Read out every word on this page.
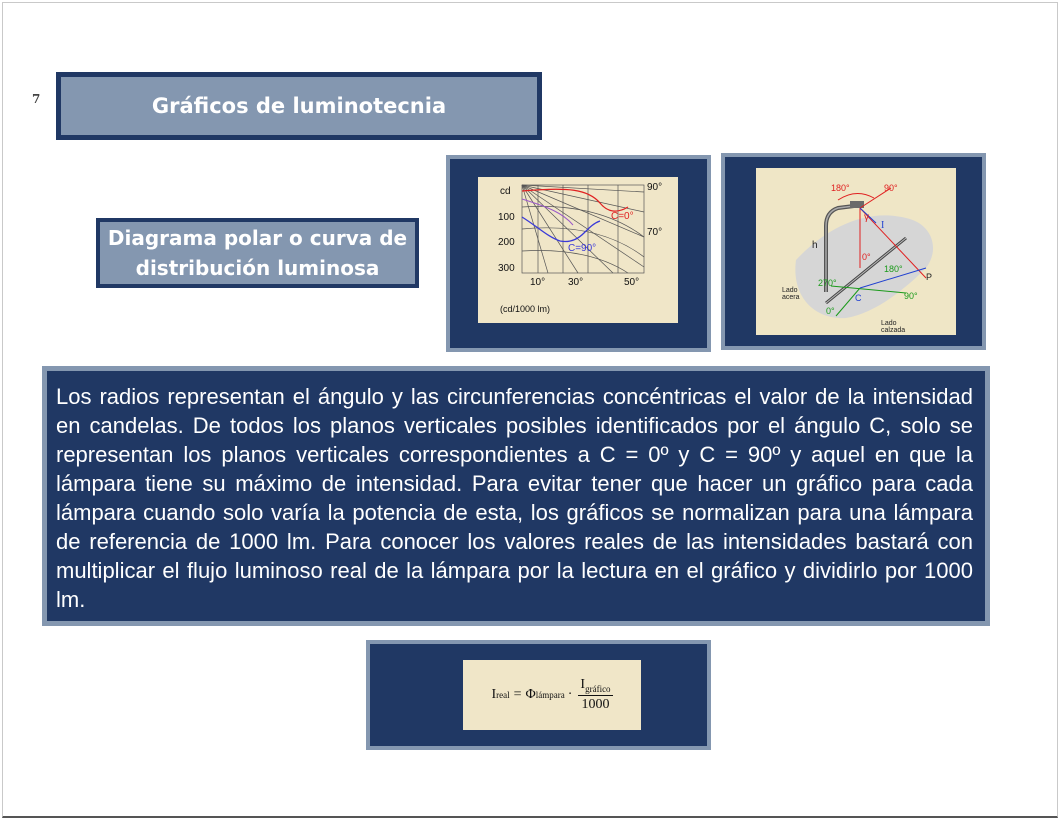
7	Gráficos de luminotecnia
Diagrama polar o curva de
distribución luminosa
cd
100
200
300
90°
70°
10° 30°	50°
C=0°
C=90°
(cd/1000 lm)
180°	90°
γ
I
h
0°
180°
P
270°
90°
C
0°
Lado
acera
Lado
calzada

Los radios representan el ángulo y las circunferencias concéntricas el valor de la intensidad en candelas. De todos los planos verticales posibles identificados por el ángulo C, solo se representan los planos verticales correspondientes a C = 0º y C = 90º y aquel en que la lámpara tiene su máximo de intensidad. Para evitar tener que hacer un gráfico para cada lámpara cuando solo varía la potencia de esta, los gráficos se normalizan para una lámpara de referencia de 1000 lm. Para conocer los valores reales de las intensidades bastará con multiplicar el flujo luminoso real de la lámpara por la lectura en el gráfico y dividirlo por 1000 lm.

I real = Φ lámpara · $\frac{I_{gráfico}}{1000}$
